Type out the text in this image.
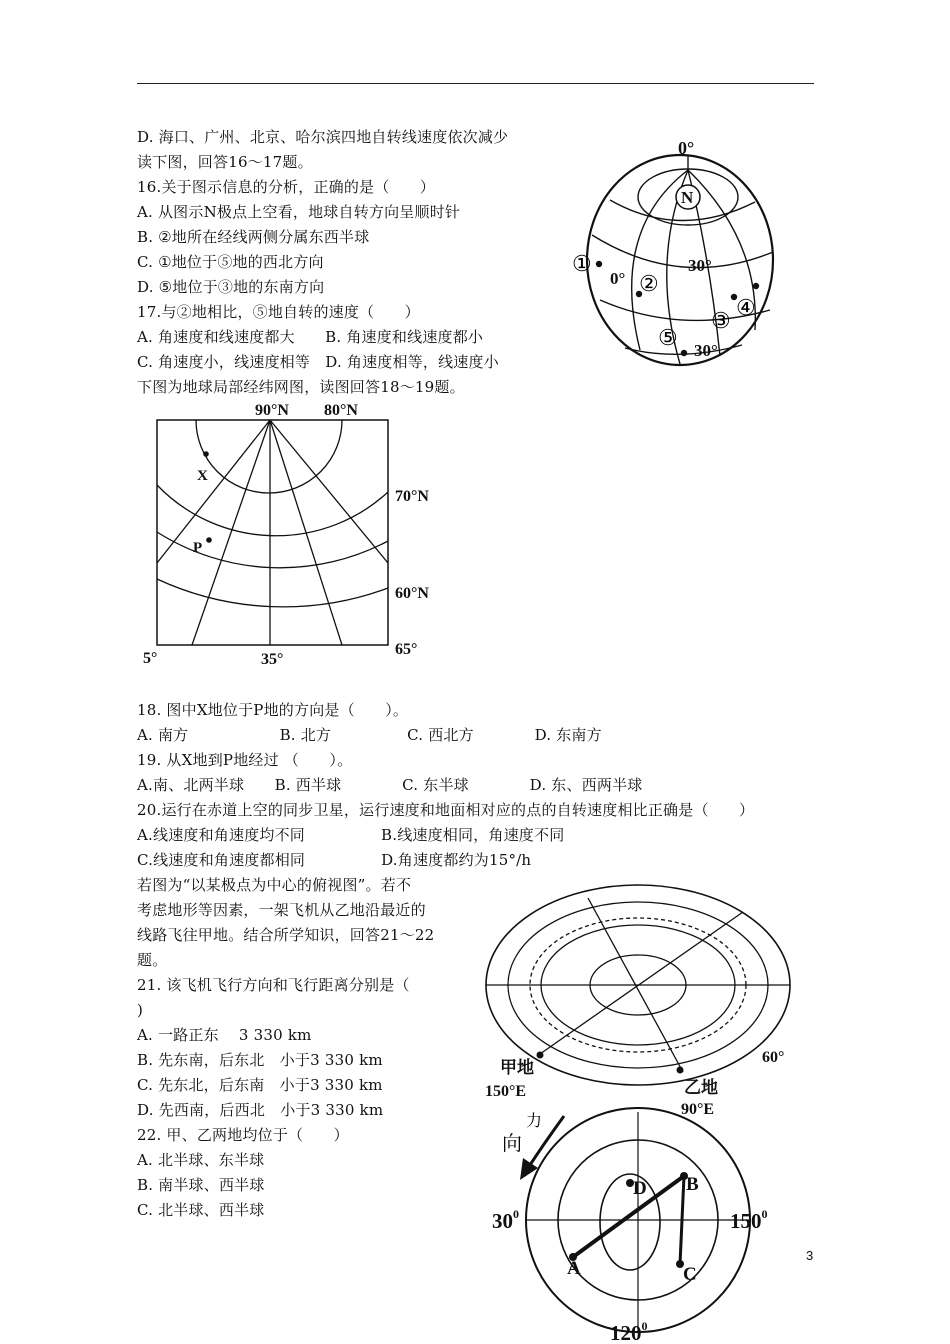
D. 海口、广州、北京、哈尔滨四地自转线速度依次减少
读下图，回答16～17题。
16.关于图示信息的分析，正确的是（　　）
A. 从图示N极点上空看，地球自转方向呈顺时针
B. ②地所在经线两侧分属东西半球
C. ①地位于⑤地的西北方向
D. ⑤地位于③地的东南方向
17.与②地相比，⑤地自转的速度（　　）
A. 角速度和线速度都大　　B. 角速度和线速度都小
C. 角速度小，线速度相等　D. 角速度相等，线速度小
下图为地球局部经纬网图，读图回答18～19题。
18. 图中X地位于P地的方向是（　　）。
A. 南方　　　　　　B. 北方　　　　　C. 西北方　　　　D. 东南方
19. 从X地到P地经过 （　　）。
A.南、北两半球　　B. 西半球　　　　C. 东半球　　　　D. 东、西两半球
20.运行在赤道上空的同步卫星，运行速度和地面相对应的点的自转速度相比正确是（　　）
A.线速度和角速度均不同　　　　　B.线速度相同，角速度不同
C.线速度和角速度都相同　　　　　D.角速度都约为15°/h
若图为“以某极点为中心的俯视图”。若不
考虑地形等因素，一架飞机从乙地沿最近的
线路飞往甲地。结合所学知识，回答21～22
题。
21. 该飞机飞行方向和飞行距离分别是（
)
A. 一路正东　 3 330 km
B. 先东南，后东北　小于3 330 km
C. 先东北，后东南　小于3 330 km
D. 先西南，后西北　小于3 330 km
22. 甲、乙两地均位于（　　）
A. 北半球、东半球
B. 南半球、西半球
C. 北半球、西半球
3
N
0°
30°
0°
30°
①
②
③
④
⑤
X
P
90°N 80°N
70°N
60°N
5°	35°
65°
甲地
150°E	乙地
90°E
60°
向
力
A
B
C
D
$30^0$	$150^0$
$120^0$
